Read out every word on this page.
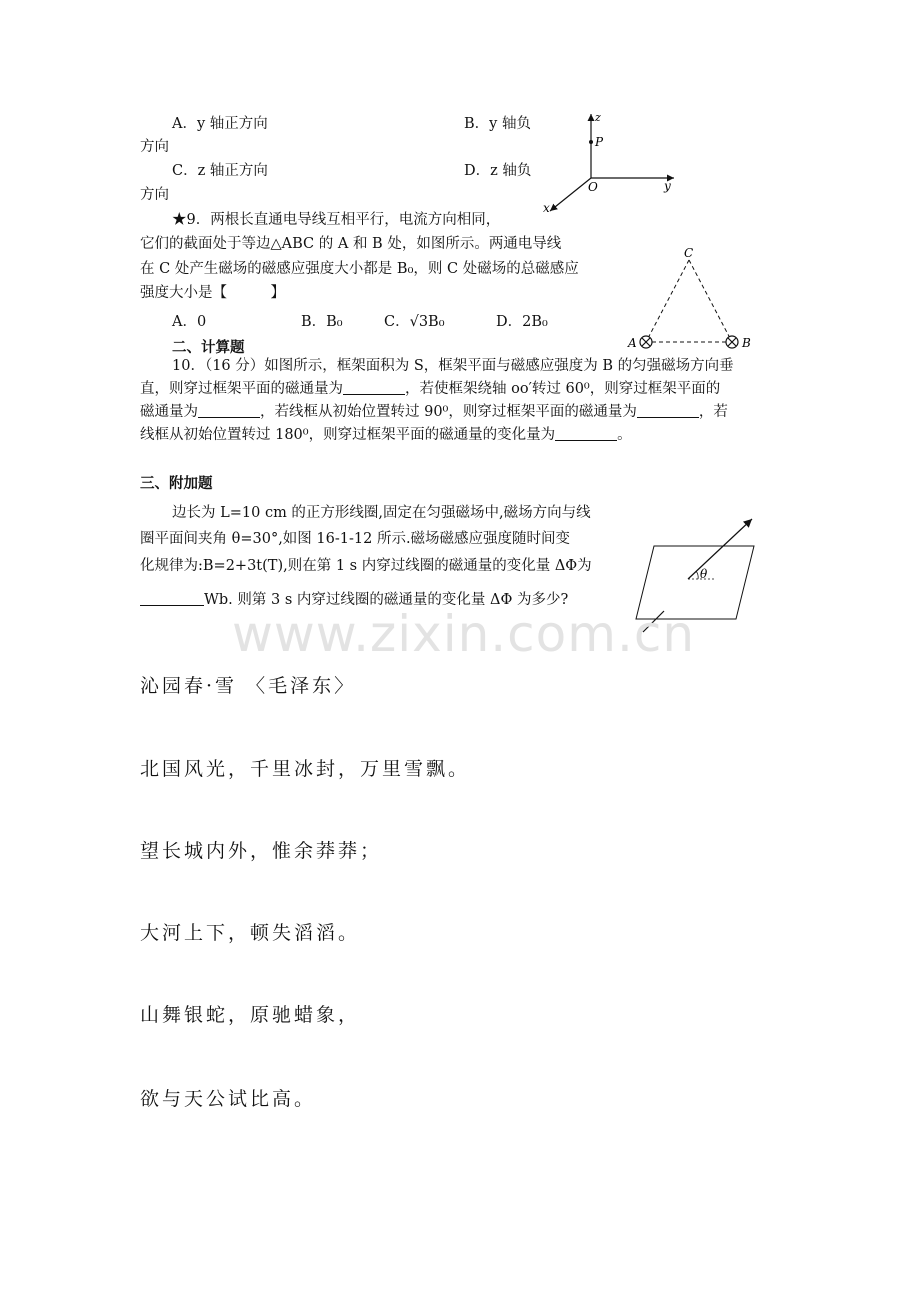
A．y 轴正方向	B．y 轴负
方向
C．z 轴正方向	D．z 轴负
方向
z
P
O	y
x
★9．两根长直通电导线互相平行，电流方向相同，
它们的截面处于等边△ABC 的 A 和 B 处，如图所示。两通电导线
在 C 处产生磁场的磁感应强度大小都是 B₀，则 C 处磁场的总磁感应
强度大小是【　　　】
A．0	B．B₀	C．√3B₀	D．2B₀
C
A	B
二、计算题
10．（16 分）如图所示，框架面积为 S，框架平面与磁感应强度为 B 的匀强磁场方向垂
直，则穿过框架平面的磁通量为	，若使框架绕轴 oo′转过 60⁰，则穿过框架平面的
磁通量为	，若线框从初始位置转过 90⁰，则穿过框架平面的磁通量为	，若
线框从初始位置转过 180⁰，则穿过框架平面的磁通量的变化量为	。
三、附加题
边长为 L=10 cm 的正方形线圈,固定在匀强磁场中,磁场方向与线
圈平面间夹角 θ=30°,如图 16-1-12 所示.磁场磁感应强度随时间变
化规律为:B=2+3t(T),则在第 1 s 内穿过线圈的磁通量的变化量 ΔΦ为
Wb. 则第 3 s 内穿过线圈的磁通量的变化量 ΔΦ 为多少?
θ
www.zixin.com.cn
沁园春·雪 〈毛泽东〉
北国风光，千里冰封，万里雪飘。
望长城内外，惟余莽莽；
大河上下，顿失滔滔。
山舞银蛇，原驰蜡象，
欲与天公试比高。
